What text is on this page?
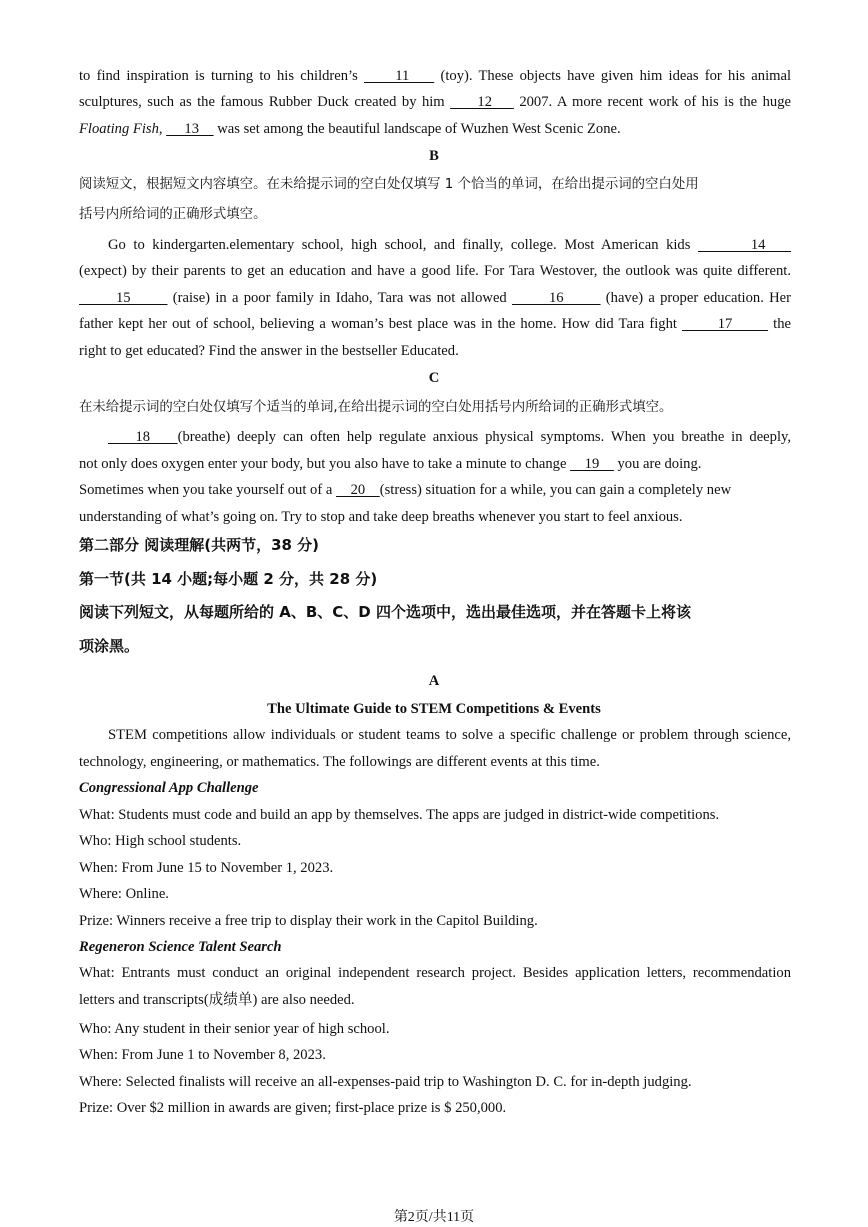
to find inspiration is turning to his children’s      11     (toy). These objects have given him ideas for his animal
sculptures, such as the famous Rubber Duck created by him      12     2007. A more recent work of his is the huge
Floating Fish,      13     was set among the beautiful landscape of Wuzhen West Scenic Zone.
B
阅读短文，根据短文内容填空。在未给提示词的空白处仅填写 1 个恰当的单词，在给出提示词的空白处用
括号内所给词的正确形式填空。
Go to kindergarten.elementary school, high school, and finally, college. Most American kids        14
(expect) by their parents to get an education and have a good life. For Tara Westover, the outlook was quite different.
15        (raise) in a poor family in Idaho, Tara was not allowed        16        (have) a proper education. Her
father kept her out of school, believing a woman’s best place was in the home. How did Tara fight        17        the
right to get educated? Find the answer in the bestseller Educated.
C
在未给提示词的空白处仅填写个适当的单词,在给出提示词的空白处用括号内所给词的正确形式填空。
18    (breathe) deeply can often help regulate anxious physical symptoms. When you breathe in deeply,
not only does oxygen enter your body, but you also have to take a minute to change     19     you are doing.
Sometimes when you take yourself out of a     20    (stress) situation for a while, you can gain a completely new
understanding of what’s going on. Try to stop and take deep breaths whenever you start to feel anxious.
第二部分 阅读理解(共两节，38 分)
第一节(共 14 小题;每小题 2 分，共 28 分)
阅读下列短文，从每题所给的 A、B、C、D 四个选项中，选出最佳选项，并在答题卡上将该
项涂黑。
A
The Ultimate Guide to STEM Competitions & Events
STEM competitions allow individuals or student teams to solve a specific challenge or problem through science,
technology, engineering, or mathematics. The followings are different events at this time.
Congressional App Challenge
What: Students must code and build an app by themselves. The apps are judged in district-wide competitions.
Who: High school students.
When: From June 15 to November 1, 2023.
Where: Online.
Prize: Winners receive a free trip to display their work in the Capitol Building.
Regeneron Science Talent Search
What: Entrants must conduct an original independent research project. Besides application letters, recommendation
letters and transcripts(成绩单) are also needed.
Who: Any student in their senior year of high school.
When: From June 1 to November 8, 2023.
Where: Selected finalists will receive an all-expenses-paid trip to Washington D. C. for in-depth judging.
Prize: Over $2 million in awards are given; first-place prize is $ 250,000.
第2页/共11页
